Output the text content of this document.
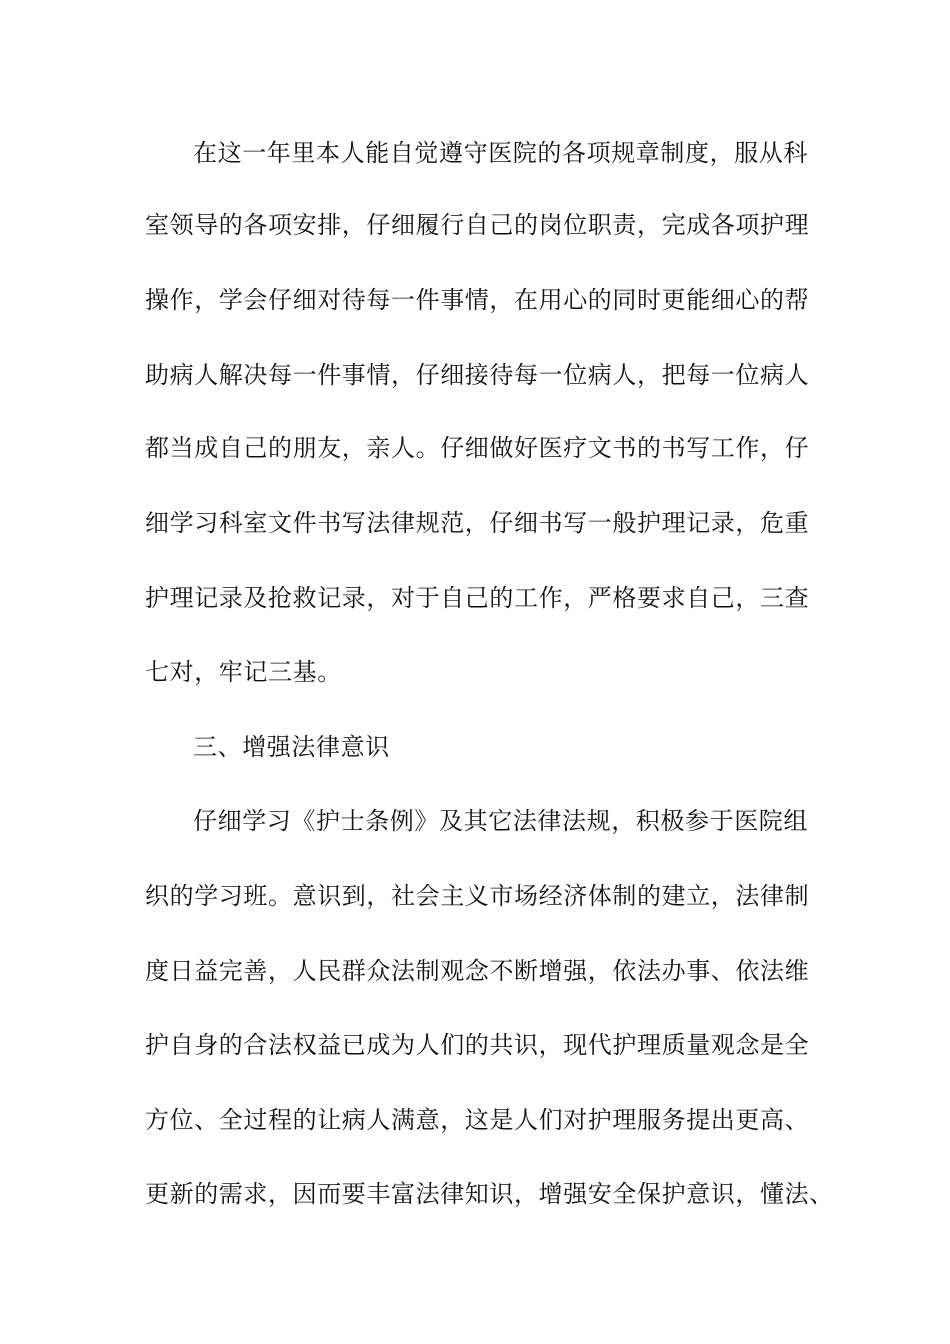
在这一年里本人能自觉遵守医院的各项规章制度，服从科
室领导的各项安排，仔细履行自己的岗位职责，完成各项护理
操作，学会仔细对待每一件事情，在用心的同时更能细心的帮
助病人解决每一件事情，仔细接待每一位病人，把每一位病人
都当成自己的朋友，亲人。仔细做好医疗文书的书写工作，仔
细学习科室文件书写法律规范，仔细书写一般护理记录，危重
护理记录及抢救记录，对于自己的工作，严格要求自己，三查
七对，牢记三基。
三、增强法律意识
仔细学习《护士条例》及其它法律法规，积极参于医院组
织的学习班。意识到，社会主义市场经济体制的建立，法律制
度日益完善，人民群众法制观念不断增强，依法办事、依法维
护自身的合法权益已成为人们的共识，现代护理质量观念是全
方位、全过程的让病人满意，这是人们对护理服务提出更高、
更新的需求，因而要丰富法律知识，增强安全保护意识，懂法、
